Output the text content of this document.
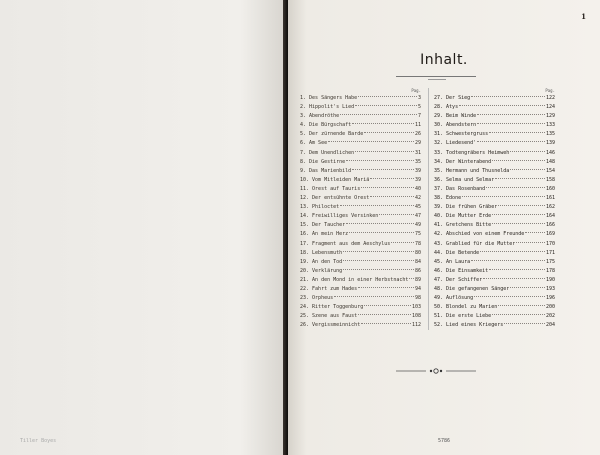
1
Inhalt.
Pag.
1. Des Sängers Habe	3
2. Hippolit's Lied	5
3. Abendröthe	7
4. Die Bürgschaft	11
5. Der zürnende Barde	26
6. Am See	29
7. Dem Unendlichen	31
8. Die Gestirne	35
9. Das Marienbild	39
10. Vom Mitleiden Mariä	39
11. Orest auf Tauris	40
12. Der entsühnte Orest	42
13. Philoctet	45
14. Freiwilliges Versinken	47
15. Der Taucher	49
16. An mein Herz	75
17. Fragment aus dem Aeschylus	78
18. Lebensmuth	80
19. An den Tod	84
20. Verklärung	86
21. An den Mond in einer Herbstnacht 89
22. Fahrt zum Hades	94
23. Orpheus	98
24. Ritter Toggenburg	103
25. Szene aus Faust	108
26. Vergissmeinnicht	112
Pag.
27. Der Sieg	122
28. Atys	124
29. Beim Winde	129
30. Abendstern	133
31. Schwestergruss	135
32. Liedesend'	139
33. Todtengräbers Heimweh	146
34. Der Winterabend	148
35. Hermann und Thusnelda	154
36. Selma und Selmar	158
37. Das Rosenband	160
38. Edone	161
39. Die frühen Gräber	162
40. Die Mutter Erde	164
41. Gretchens Bitte	166
42. Abschied von einem Freunde	169
43. Grablied für die Mutter	170
44. Die Betende	171
45. An Laura	175
46. Die Einsamkeit	178
47. Der Schiffer	190
48. Die gefangenen Sänger	193
49. Auflösung	196
50. Blondel zu Marien	200
51. Die erste Liebe	202
52. Lied eines Kriegers	204
5786
Tiller Boyes
